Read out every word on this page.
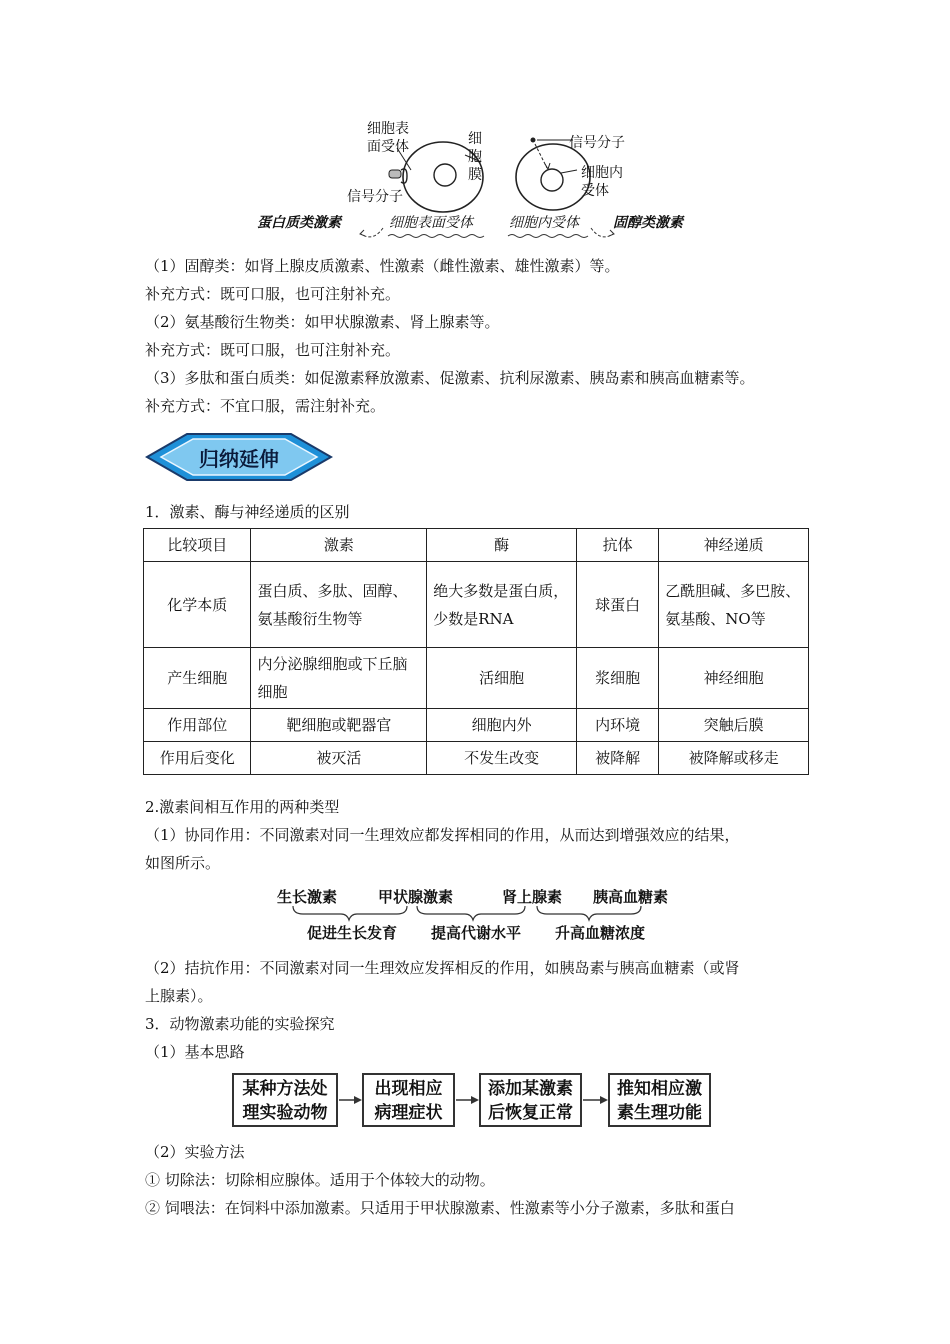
细胞表
面受体	细
胞
膜
信号分子
信号分子
细胞内
受体
蛋白质类激素	细胞表面受体	细胞内受体 固醇类激素
（1）固醇类：如肾上腺皮质激素、性激素（雌性激素、雄性激素）等。
补充方式：既可口服，也可注射补充。
（2）氨基酸衍生物类：如甲状腺激素、肾上腺素等。
补充方式：既可口服，也可注射补充。
（3）多肽和蛋白质类：如促激素释放激素、促激素、抗利尿激素、胰岛素和胰高血糖素等。
补充方式：不宜口服，需注射补充。
归纳延伸
1．激素、酶与神经递质的区别
比较项目	激素	酶	抗体	神经递质
化学本质	蛋白质、多肽、固醇、氨基酸衍生物等	绝大多数是蛋白质，少数是RNA	球蛋白	乙酰胆碱、多巴胺、氨基酸、NO等
产生细胞	内分泌腺细胞或下丘脑细胞	活细胞	浆细胞	神经细胞
作用部位	靶细胞或靶器官	细胞内外	内环境	突触后膜
作用后变化	被灭活	不发生改变	被降解	被降解或移走
2.激素间相互作用的两种类型
（1）协同作用：不同激素对同一生理效应都发挥相同的作用，从而达到增强效应的结果，
如图所示。
生长激素	甲状腺激素	肾上腺素 胰高血糖素
促进生长发育 提高代谢水平 升高血糖浓度
（2）拮抗作用：不同激素对同一生理效应发挥相反的作用，如胰岛素与胰高血糖素（或肾
上腺素）。
3．动物激素功能的实验探究
（1）基本思路
某种方法处
理实验动物
出现相应
病理症状
添加某激素
后恢复正常
推知相应激
素生理功能
（2）实验方法
① 切除法：切除相应腺体。适用于个体较大的动物。
② 饲喂法：在饲料中添加激素。只适用于甲状腺激素、性激素等小分子激素，多肽和蛋白
